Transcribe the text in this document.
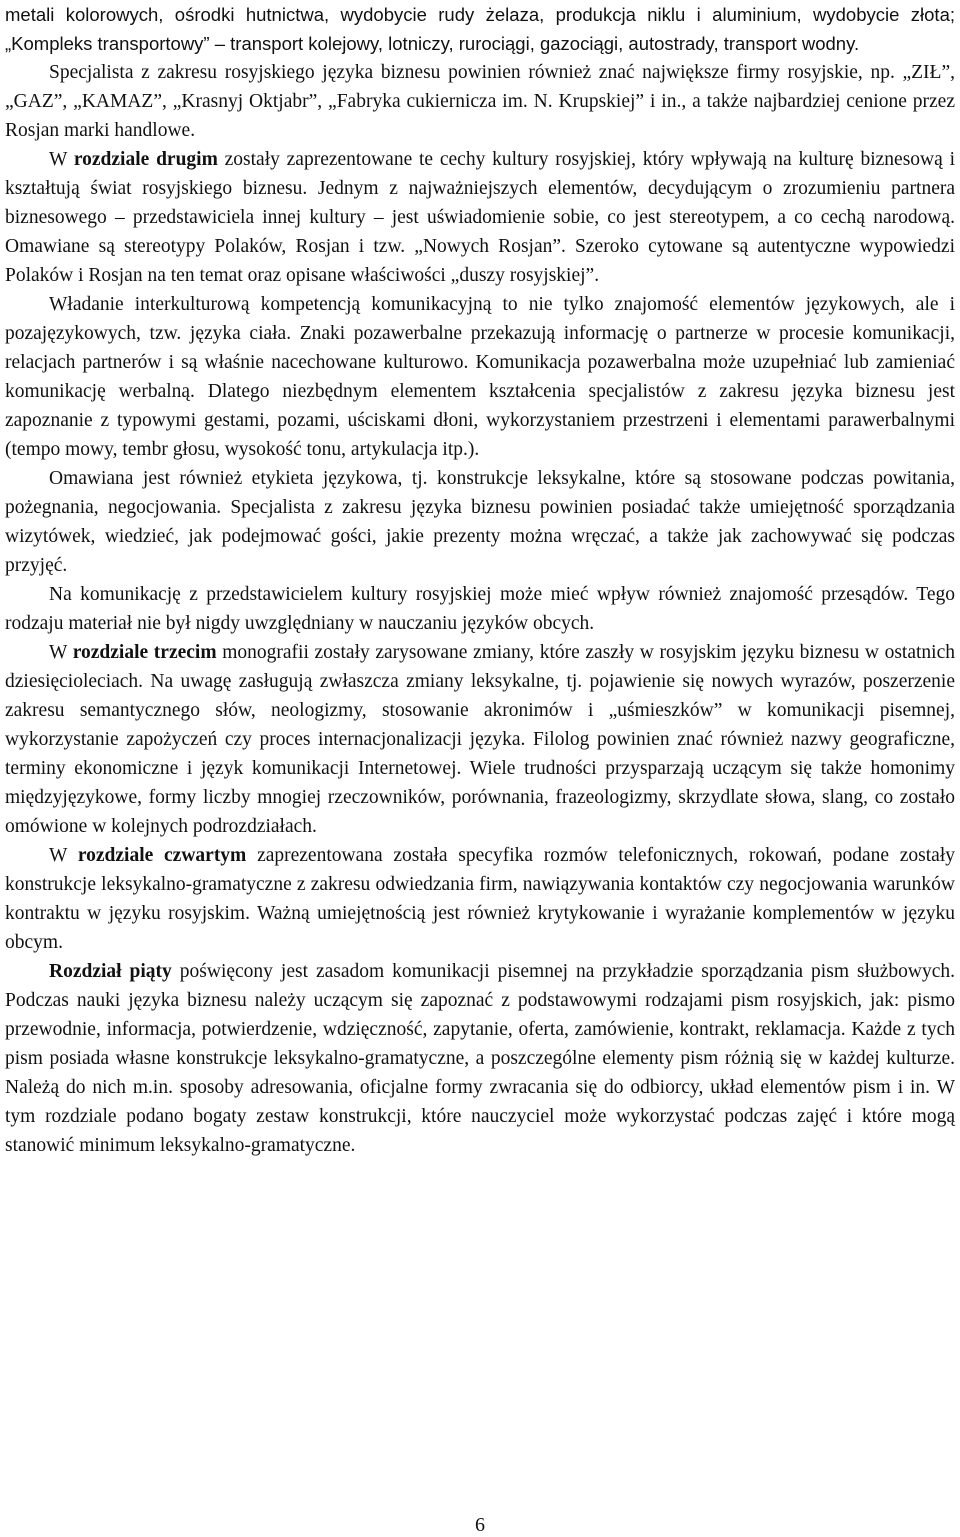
metali kolorowych, ośrodki hutnictwa, wydobycie rudy żelaza, produkcja niklu i aluminium, wydobycie złota; „Kompleks transportowy” – transport kolejowy, lotniczy, rurociągi, gazociągi, autostrady, transport wodny.

Specjalista z zakresu rosyjskiego języka biznesu powinien również znać największe firmy rosyjskie, np. „ZIŁ”, „GAZ”, „KAMAZ”, „Krasnyj Oktjabr”, „Fabryka cukiernicza im. N. Krupskiej” i in., a także najbardziej cenione przez Rosjan marki handlowe.

W rozdziale drugim zostały zaprezentowane te cechy kultury rosyjskiej, który wpływają na kulturę biznesową i kształtują świat rosyjskiego biznesu. Jednym z najważniejszych elementów, decydującym o zrozumieniu partnera biznesowego – przedstawiciela innej kultury – jest uświadomienie sobie, co jest stereotypem, a co cechą narodową. Omawiane są stereotypy Polaków, Rosjan i tzw. „Nowych Rosjan”. Szeroko cytowane są autentyczne wypowiedzi Polaków i Rosjan na ten temat oraz opisane właściwości „duszy rosyjskiej”.

Władanie interkulturową kompetencją komunikacyjną to nie tylko znajomość elementów językowych, ale i pozajęzykowych, tzw. języka ciała. Znaki pozawerbalne przekazują informację o partnerze w procesie komunikacji, relacjach partnerów i są właśnie nacechowane kulturowo. Komunikacja pozawerbalna może uzupełniać lub zamieniać komunikację werbalną. Dlatego niezbędnym elementem kształcenia specjalistów z zakresu języka biznesu jest zapoznanie z typowymi gestami, pozami, uściskami dłoni, wykorzystaniem przestrzeni i elementami parawerbalnymi (tempo mowy, tembr głosu, wysokość tonu, artykulacja itp.).

Omawiana jest również etykieta językowa, tj. konstrukcje leksykalne, które są stosowane podczas powitania, pożegnania, negocjowania. Specjalista z zakresu języka biznesu powinien posiadać także umiejętność sporządzania wizytówek, wiedzieć, jak podejmować gości, jakie prezenty można wręczać, a także jak zachowywać się podczas przyjęć.

Na komunikację z przedstawicielem kultury rosyjskiej może mieć wpływ również znajomość przesądów. Tego rodzaju materiał nie był nigdy uwzględniany w nauczaniu języków obcych.

W rozdziale trzecim monografii zostały zarysowane zmiany, które zaszły w rosyjskim języku biznesu w ostatnich dziesięcioleciach. Na uwagę zasługują zwłaszcza zmiany leksykalne, tj. pojawienie się nowych wyrazów, poszerzenie zakresu semantycznego słów, neologizmy, stosowanie akronimów i „uśmieszków” w komunikacji pisemnej, wykorzystanie zapożyczeń czy proces internacjonalizacji języka. Filolog powinien znać również nazwy geograficzne, terminy ekonomiczne i język komunikacji Internetowej. Wiele trudności przysparzają uczącym się także homonimy międzyjęzykowe, formy liczby mnogiej rzeczowników, porównania, frazeologizmy, skrzydlate słowa, slang, co zostało omówione w kolejnych podrozdziałach.

W rozdziale czwartym zaprezentowana została specyfika rozmów telefonicznych, rokowań, podane zostały konstrukcje leksykalno-gramatyczne z zakresu odwiedzania firm, nawiązywania kontaktów czy negocjowania warunków kontraktu w języku rosyjskim. Ważną umiejętnością jest również krytykowanie i wyrażanie komplementów w języku obcym.

Rozdział piąty poświęcony jest zasadom komunikacji pisemnej na przykładzie sporządzania pism służbowych. Podczas nauki języka biznesu należy uczącym się zapoznać z podstawowymi rodzajami pism rosyjskich, jak: pismo przewodnie, informacja, potwierdzenie, wdzięczność, zapytanie, oferta, zamówienie, kontrakt, reklamacja. Każde z tych pism posiada własne konstrukcje leksykalno-gramatyczne, a poszczególne elementy pism różnią się w każdej kulturze. Należą do nich m.in. sposoby adresowania, oficjalne formy zwracania się do odbiorcy, układ elementów pism i in. W tym rozdziale podano bogaty zestaw konstrukcji, które nauczyciel może wykorzystać podczas zajęć i które mogą stanowić minimum leksykalno-gramatyczne.

6
